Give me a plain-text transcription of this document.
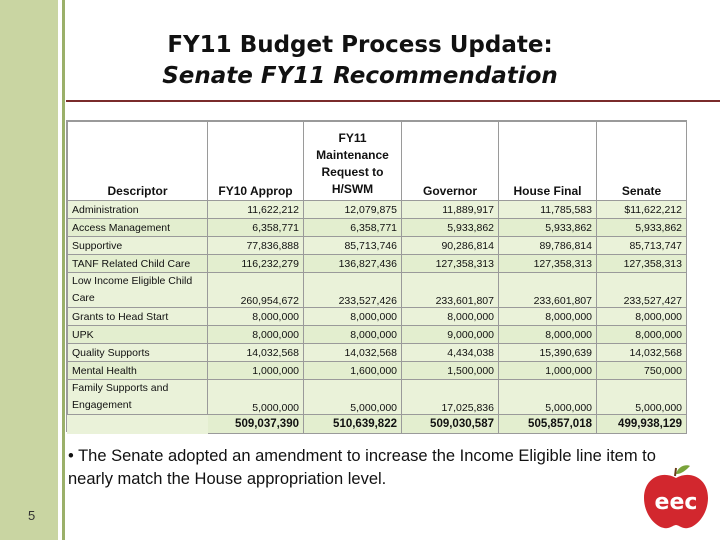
FY11 Budget Process Update:
Senate FY11 Recommendation
Descriptor	FY10 Approp	FY11 Maintenance Request to H/SWM	Governor	House Final	Senate
Administration	11,622,212	12,079,875	11,889,917	11,785,583	$11,622,212
Access Management	6,358,771	6,358,771	5,933,862	5,933,862	5,933,862
Supportive	77,836,888	85,713,746	90,286,814	89,786,814	85,713,747
TANF Related Child Care	116,232,279	136,827,436	127,358,313	127,358,313	127,358,313
Low Income Eligible Child Care	260,954,672	233,527,426	233,601,807	233,601,807	233,527,427
Grants to Head Start	8,000,000	8,000,000	8,000,000	8,000,000	8,000,000
UPK	8,000,000	8,000,000	9,000,000	8,000,000	8,000,000
Quality Supports	14,032,568	14,032,568	4,434,038	15,390,639	14,032,568
Mental Health	1,000,000	1,600,000	1,500,000	1,000,000	750,000
Family Supports and Engagement	5,000,000	5,000,000	17,025,836	5,000,000	5,000,000
	509,037,390	510,639,822	509,030,587	505,857,018	499,938,129
• The Senate adopted an amendment to increase the Income Eligible line item to nearly match the House appropriation level.
5
eec
